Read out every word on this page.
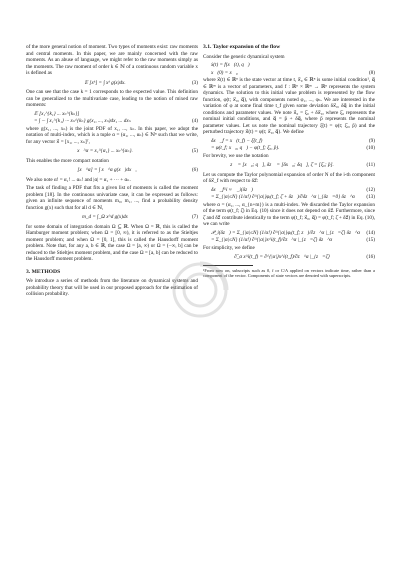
of the more general notion of moment. Two types of moments exist: raw moments and central moments. In this paper, we are mainly concerned with the raw moments. As an abuse of language, we might refer to the raw moments simply as the moments. The raw moment of order k ∈ ℕ of a continuous random variable x is defined as

𝔼 [xᵏ] = ∫ xᵏ g(x)dx.	(3)

One can see that the case k = 1 corresponds to the expected value. This definition can be generalized to the multivariate case, leading to the notion of mixed raw moments:

𝔼 [x₁^{k₁} ... xₙ^{kₙ}]
= ∫ ··· ∫ x₁^{k₁} ··· xₙ^{kₙ} g(x₁, ..., xₙ)dx₁ ... dxₙ	(4)

where g(x₁, ..., xₙ) is the joint PDF of x₁, ..., xₙ. In this paper, we adopt the notation of multi-index, which is a tuple α = (α₁, ..., αₙ) ∈ ℕⁿ such that we write, for any vector x⃗ = [x₁, ..., xₙ]ᵀ,

x⃗^α = x₁^{α₁} ... xₙ^{αₙ}.	(5)

This enables the more compact notation

𝔼[x⃗^α] = ∫ x⃗^α g(x⃗)dx⃗,	(6)

We also note α! = α₁! ... αₙ! and |α| = α₁ + ··· + αₙ.

The task of finding a PDF that fits a given list of moments is called the moment problem [18]. In the continuous univariate case, it can be expressed as follows: given an infinite sequence of moments m₀, m₁, ..., find a probability density function g(x) such that for all d ∈ ℕ,

m_d = ∫_Ω x^d g(x)dx	(7)

for some domain of integration domain Ω ⊆ ℝ. When Ω = ℝ, this is called the Hamburger moment problem; when Ω = [0, ∞), it is referred to as the Stieltjes moment problem; and when Ω = [0, 1], this is called the Hausdorff moment problem. Note that, for any a, b ∈ ℝ, the case Ω = [a, ∞) or Ω = (−∞, b] can be reduced to the Stieltjes moment problem, and the case Ω = [a, b] can be reduced to the Hausdorff moment problem.

3. METHODS

We introduce a series of methods from the literature on dynamical systems and probability theory that will be used in our proposed approach for the estimation of collision probability.

3.1. Taylor expansion of the flow

Consider the generic dynamical system

ẋ(t) = f(x⃗(t), q⃗)
x⃗(0) = x⃗₀	(8)

where x⃗(t) ∈ ℝⁿ is the state vector at time t, x⃗₀ ∈ ℝⁿ is some initial condition¹, q⃗ ∈ ℝᵐ is a vector of parameters, and f : ℝⁿ × ℝᵐ → ℝⁿ represents the system dynamics. The solution to this initial value problem is represented by the flow function, φ(t; x⃗₀, q⃗), with components noted φ₁, ..., φₙ. We are interested in the variation of φ at some final time t_f given some deviation δx⃗₀, δq⃗ in the initial conditions and parameter values. We note x⃗₀ = ξ̄₀ + δx⃗₀, where ξ̄₀ represents the nominal initial conditions, and q⃗ = p̄ + δq⃗, where p̄ represents the nominal parameter values. Let us note the nominal trajectory ξ̄(t) = φ(t; ξ̄₀, p̄) and the perturbed trajectory x⃗(t) = φ(t; x⃗₀, q⃗). We define

δx⃗_f = x⃗(t_f) − ξ̄(t_f)	(9)
= φ(t_f; x⃗₀, q⃗) − φ(t_f; ξ̄₀, p̄).	(10)

For brevity, we use the notation

z⃗ = [x⃗₀; q⃗], δz⃗ = [δx⃗₀; δq⃗], ζ̄ = [ξ̄₀; p̄].	(11)

Let us compute the Taylor polynomial expansion of order N of the i-th component of δx⃗_f with respect to δz⃗:

δx⃗_f^i ≈ 𝒫_i(δz⃗)	(12)
= Σ_{|α|≤N} (1/α!) ∂^{|α|}φᵢ(t_f; ζ̄ + δz⃗)/∂δz⃗^α |_{δz⃗=0} δz⃗^α	(13)

where α = (α₁, ..., α_{n+m}) is a multi-index. We discarded the Taylor expansion of the term φ(t_f; ζ̄) in Eq. (10) since it does not depend on δz⃗. Furthermore, since ζ̄ and δz⃗ contribute identically to the term φ(t_f; x⃗₀, q⃗) = φ(t_f; ζ̄ + δz⃗) in Eq. (10), we can write

𝒫_i(δz⃗) = Σ_{|α|≤N} (1/α!) ∂^{|α|}φᵢ(t_f; z⃗)/∂z⃗^α |_{z⃗=ζ̄} δz⃗^α	(14)
= Σ_{|α|≤N} (1/α!) ∂^{|α|}x^i(t_f)/∂z⃗^α |_{z⃗=ζ̄} δz⃗^α	(15)

For simplicity, we define

∂̂_α x^i(t_f) = ∂^{|α|}x^i(t_f)/∂z⃗^α |_{z⃗=ζ̄}	(16)
¹From now on, subscripts such as 0, f or C/A applied on vectors indicate time, rather than a component of the vector. Components of state vectors are denoted with superscripts.
